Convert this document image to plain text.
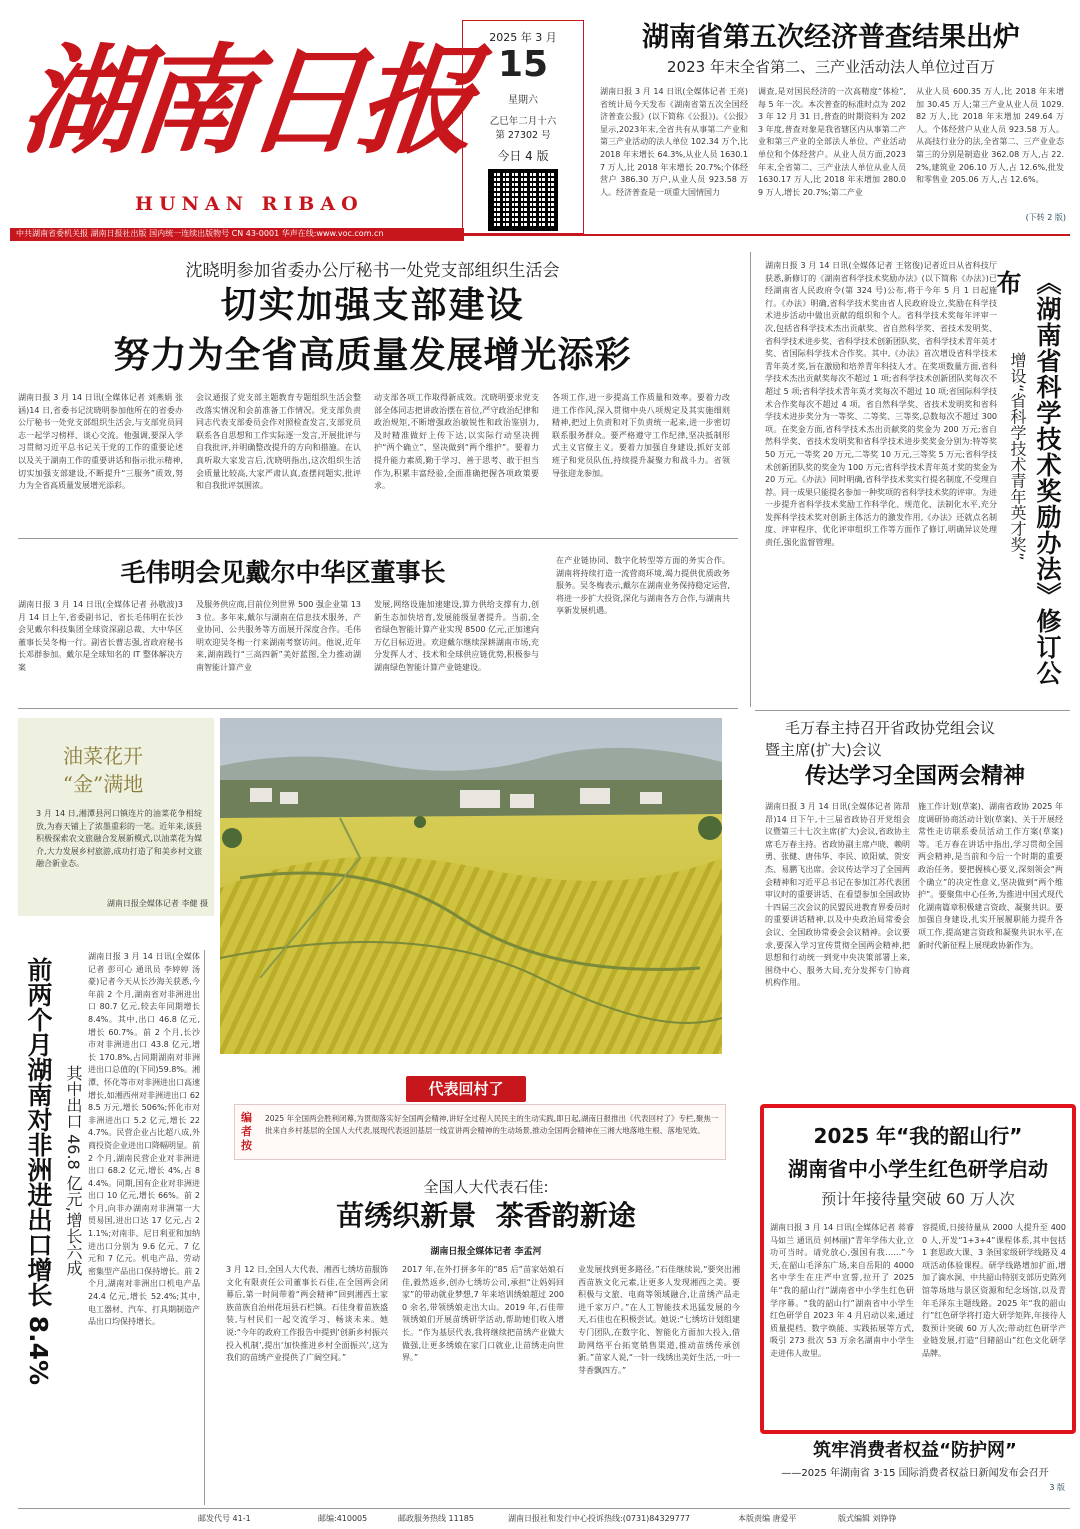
湖南日报
HUNAN RIBAO
2025 年 3 月
15
星期六
乙巳年二月十六
第 27302 号
今日 4 版
湖南省第五次经济普查结果出炉
2023 年末全省第二、三产业活动法人单位过百万
湖南日报 3 月 14 日讯(全媒体记者 王亮)省统计局今天发布《湖南省第五次全国经济普查公报》(以下简称《公报》)。《公报》显示,2023年末,全省共有从事第二产业和第三产业活动的法人单位 102.34 万个,比 2018 年末增长 64.3%,从业人员 1630.17 万人,比 2018 年末增长 20.7%;个体经营户 386.30 万户,从业人员 923.58 万人。经济普查是一项重大国情国力
调查,是对国民经济的一次高精度“体检”,每 5 年一次。本次普查的标准时点为 2023 年 12 月 31 日,普查的时期资料为 2023 年度,普查对象是我省辖区内从事第二产业和第三产业的全部法人单位、产业活动单位和个体经营户。从业人员方面,2023 年末,全省第二、三产业法人单位从业人员 1630.17 万人,比 2018 年末增加 280.09 万人,增长 20.7%;第二产业
从业人员 600.35 万人,比 2018 年末增加 30.45 万人;第三产业从业人员 1029.82 万人,比 2018 年末增加 249.64 万人。个体经营户从业人员 923.58 万人。从高技行业分的法,全省第二、三产业业态第三的分别是制造业 362.08 万人,占 22.2%,建筑业 206.10 万人,占 12.6%,批发和零售业 205.06 万人,占 12.6%。
(下转 2 版)
中共湖南省委机关报 湖南日报社出版 国内统一连续出版物号 CN 43-0001 华声在线:www.voc.com.cn
沈晓明参加省委办公厅秘书一处党支部组织生活会
切实加强支部建设
努力为全省高质量发展增光添彩
湖南日报 3 月 14 日讯(全媒体记者 刘燕娟 张涵)14 日,省委书记沈晓明参加他所在的省委办公厅秘书一处党支部组织生活会,与支部党员同志一起学习榜样、谈心交流。他强调,要深入学习贯彻习近平总书记关于党的工作的重要论述以及关于湖南工作的重要讲话和指示批示精神,切实加强支部建设,不断提升“三服务”质效,努力为全省高质量发展增光添彩。
会议通报了党支部主题教育专题组织生活会整改落实情况和会前准备工作情况。党支部负责同志代表支部委员会作对照检查发言,支部党员联系各自思想和工作实际逐一发言,开展批评与自我批评,并明确整改提升的方向和措施。在认真听取大家发言后,沈晓明指出,这次组织生活会质量比较高,大家严肃认真,查摆问题实,批评和自我批评氛围浓。
动支部各项工作取得新成效。沈晓明要求党支部全体同志把讲政治摆在首位,严守政治纪律和政治规矩,不断增强政治敏锐性和政治鉴别力,及时精准做好上传下达,以实际行动坚决拥护“两个确立”、坚决做到“两个维护”。要着力提升能力素质,勤于学习、善于思考、敢于担当作为,积累丰富经验,全面准确把握各项政策要求。
各项工作,进一步提高工作质量和效率。要着力改进工作作风,深入贯彻中央八项规定及其实施细则精神,把过上负责和对下负责统一起来,进一步密切联系服务群众。要严格遵守工作纪律,坚决抵制形式主义官僚主义。要着力加强自身建设,抓好支部班子和党员队伍,持续提升凝聚力和战斗力。省领导张迎龙参加。
毛伟明会见戴尔中华区董事长
湖南日报 3 月 14 日讯(全媒体记者 孙敬波)3 月 14 日上午,省委副书记、省长毛伟明在长沙会见戴尔科技集团全球资深副总裁、大中华区董事长吴冬梅一行。副省长曹志强,省政府秘书长邓群参加。戴尔是全球知名的 IT 整体解决方案
及服务供应商,目前位列世界 500 强企业第 133 位。多年来,戴尔与湖南在信息技术服务、产业协同、公共服务等方面展开深度合作。毛伟明欢迎吴冬梅一行来湖南考察访问。他说,近年来,湖南践行“三高四新”美好蓝图,全力推动湖南智能计算产业
发展,网络设施加速建设,算力供给支撑有力,创新生态加快培育,发展能级显著提升。当前,全省绿色智能计算产业实现 8500 亿元,正加速向万亿目标迈进。欢迎戴尔继续深耕湖南市场,充分发挥人才、技术和全球供应链优势,积极参与湖南绿色智能计算产业链建设。
在产业链协同、数字化转型等方面的务实合作。湖南将持续打造一流营商环境,竭力提供优质政务服务。吴冬梅表示,戴尔在湖南业务保持稳定运营,将进一步扩大投资,深化与湖南各方合作,与湖南共享新发展机遇。
湖南日报 3 月 14 日讯(全媒体记者 王铭俊)记者近日从省科技厅获悉,新修订的《湖南省科学技术奖励办法》(以下简称《办法》)已经湖南省人民政府令(第 324 号)公布,将于今年 5 月 1 日起施行。《办法》明确,省科学技术奖由省人民政府设立,奖励在科学技术进步活动中做出贡献的组织和个人。省科学技术奖每年评审一次,包括省科学技术杰出贡献奖、省自然科学奖、省技术发明奖、省科学技术进步奖、省科学技术创新团队奖、省科学技术青年英才奖、省国际科学技术合作奖。其中,《办法》首次增设省科学技术青年英才奖,旨在激励和培养青年科技人才。在奖项数量方面,省科学技术杰出贡献奖每次不超过 1 项;省科学技术创新团队奖每次不超过 5 项;省科学技术青年英才奖每次不超过 10 项;省国际科学技术合作奖每次不超过 4 项。省自然科学奖、省技术发明奖和省科学技术进步奖分为一等奖、二等奖、三等奖,总数每次不超过 300 项。在奖金方面,省科学技术杰出贡献奖的奖金为 200 万元;省自然科学奖、省技术发明奖和省科学技术进步奖奖金分别为:特等奖 50 万元,一等奖 20 万元,二等奖 10 万元,三等奖 5 万元;省科学技术创新团队奖的奖金为 100 万元;省科学技术青年英才奖的奖金为 20 万元。《办法》同时明确,省科学技术奖实行提名制度,不受理自荐。同一成果只能提名参加一种奖项的省科学技术奖的评审。为进一步提升省科学技术奖励工作科学化、规范化、法制化水平,充分发挥科学技术奖对创新主体活力的激发作用,《办法》还就点名制度、评审程序、优化评审组织工作等方面作了修订,明确异议处理责任,强化监督管理。	《湖南省科学技术奖励办法》修订公布
增设“省科学技术青年英才奖”
油菜花开
“金”满地
3 月 14 日,湘潭县河口镇连片的油菜花争相绽放,为春天铺上了浓墨重彩的一笔。近年来,该县积极探索农文旅融合发展新模式,以油菜花为媒介,大力发展乡村旅游,成功打造了和美乡村文旅融合新业态。
湖南日报全媒体记者 李健 摄
前两个月湖南对非洲进出口增长 8.4% 其中出口 46.8 亿元,增长六成
湖南日报 3 月 14 日讯(全媒体记者 彭可心 通讯员 李婷婷 汤豪)记者今天从长沙海关获悉,今年前 2 个月,湖南省对非洲进出口 80.7 亿元,较去年同期增长 8.4%。其中,出口 46.8 亿元,增长 60.7%。前 2 个月,长沙市对非洲进出口 43.8 亿元,增长 170.8%,占同期湖南对非洲进出口总值的(下同)59.8%。湘潭、怀化等市对非洲进出口高速增长,如湘西州对非洲进出口 628.5 万元,增长 506%;怀化市对非洲进出口 5.2 亿元,增长 224.7%。民营企业占比超八成,外商投资企业进出口降幅明显。前 2 个月,湖南民营企业对非洲进出口 68.2 亿元,增长 4%,占 84.4%。同期,国有企业对非洲进出口 10 亿元,增长 66%。前 2 个月,向非办湖南对非洲第一大贸易国,进出口达 17 亿元,占 21.1%;对南非、尼日利亚和加纳进出口分别为 9.6 亿元、7 亿元和 7 亿元。机电产品、劳动密集型产品出口保持增长。前 2 个月,湖南对非洲出口机电产品 24.4 亿元,增长 52.4%;其中,电工器材、汽车、打具期制造产品出口均保持增长。
毛万春主持召开省政协党组会议
暨主席(扩大)会议
传达学习全国两会精神
湖南日报 3 月 14 日讯(全媒体记者 陈昂昂)14 日下午,十三届省政协召开党组会议暨第三十七次主席(扩大)会议,省政协主席毛万春主持。省政协副主席卢晓、赖明勇、张健、唐伟华、李民、欧阳斌、贺安杰、易鹏飞出席。会议传达学习了全国两会精神和习近平总书记在参加江苏代表团审议时的重要讲话、在看望参加全国政协十四届三次会议的民盟民进教育界委员时的重要讲话精神,以及中央政治局常委会会议、全国政协常委会会议精神。会议要求,要深入学习宣传贯彻全国两会精神,把思想和行动统一到党中央决策部署上来,围绕中心、服务大局,充分发挥专门协商机构作用。
施工作计划(草案)、湖南省政协 2025 年度调研协商活动计划(草案)、关于开展经常性走访联系委员活动工作方案(草案)等。毛万春在讲话中指出,学习贯彻全国两会精神,是当前和今后一个时期的重要政治任务。要把握核心要义,深刻领会“两个确立”的决定性意义,坚决做到“两个维护”。要聚焦中心任务,为推进中国式现代化湖南篇章积极建言资政、凝聚共识。要加强自身建设,扎实开展履职能力提升各项工作,提高建言资政和凝聚共识水平,在新时代新征程上展现政协新作为。
代表回村了
编者按
2025 年全国两会胜利闭幕,为贯彻落实好全国两会精神,讲好全过程人民民主的生动实践,即日起,湖南日报推出《代表回村了》专栏,聚焦一批来自乡村基层的全国人大代表,展现代表返回基层一线宣讲两会精神的生动场景,推动全国两会精神在三湘大地落地生根、落地见效。
全国人大代表石佳:
苗绣织新景  茶香韵新途
湖南日报全媒体记者 李孟河
3 月 12 日,全国人大代表、湘西七绣坊苗服饰文化有限责任公司董事长石佳,在全国两会闭幕后,第一时间带着“两会精神”回到湘西土家族苗族自治州花垣县石栏镇。石佳身着苗族盛装,与村民们一起交流学习、畅谈未来。她说:“今年的政府工作报告中提到‘创新乡村振兴投入机制’,提出‘加快推进乡村全面振兴’,这为我们的苗绣产业提供了广阔空间。”
2017 年,在外打拼多年的“85 后”苗家姑娘石佳,毅然返乡,创办七绣坊公司,承担“让妈妈回家”的带动就业梦想,7 年来培训绣娘超过 2000 余名,带领绣娘走出大山。2019 年,石佳带领绣娘们开展苗绣研学活动,帮助她们收入增长。“作为基层代表,我将继续把苗绣产业做大做强,让更多绣娘在家门口就业,让苗绣走向世界。”
业发展找到更多路径。”石佳继续说,“要突出湘西苗族文化元素,让更多人发现湘西之美。要积极与文旅、电商等领域融合,让苗绣产品走进千家万户。”在人工智能技术迅猛发展的今天,石佳也在积极尝试。她说:“七绣坊计划组建专门团队,在数字化、智能化方面加大投入,借助网络平台拓宽销售渠道,推动苗绣传承创新。”苗家人说,“一针一线绣出美好生活,一叶一芽香飘四方。”
2025 年“我的韶山行”
湖南省中小学生红色研学启动
预计年接待量突破 60 万人次
湖南日报 3 月 14 日讯(全媒体记者 蒋睿 马如兰 通讯员 何林丽)“青年学伟大业,立功可当时。请党放心,强国有我……”今天,在韶山毛泽东广场,来自岳阳的 4000 名中学生在庄严中宣誓,拉开了 2025 年“我的韶山行”湖南省中小学生红色研学序幕。“我的韶山行”湖南省中小学生红色研学自 2023 年 4 月启动以来,通过质量提档、数字焕能、实践拓展等方式,吸引 273 批次 53 万余名湖南中小学生走进伟人故里。
容提质,日接待量从 2000 人提升至 4000 人,开发“1+3+4”课程体系,其中包括 1 套思政大课、3 条国家级研学线路及 4 项活动体验课程。研学线路增加扩面,增加了滴水洞、中共韶山特别支部历史陈列馆等场地与景区资源和纪念场馆,以及青年毛泽东主题线路。2025 年“我的韶山行”红色研学将打造大研学矩阵,年接待人数预计突破 60 万人次;带动红色研学产业链发展,打造“目睹韶山”红色文化研学品牌。
筑牢消费者权益“防护网”
——2025 年湖南省 3·15 国际消费者权益日新闻发布会召开
3 版
邮发代号 41-1	邮编:410005	邮政服务热线 11185	湖南日报社和发行中心投诉热线:(0731)84329777	本版责编 唐爱平	版式编辑 刘铮铮
